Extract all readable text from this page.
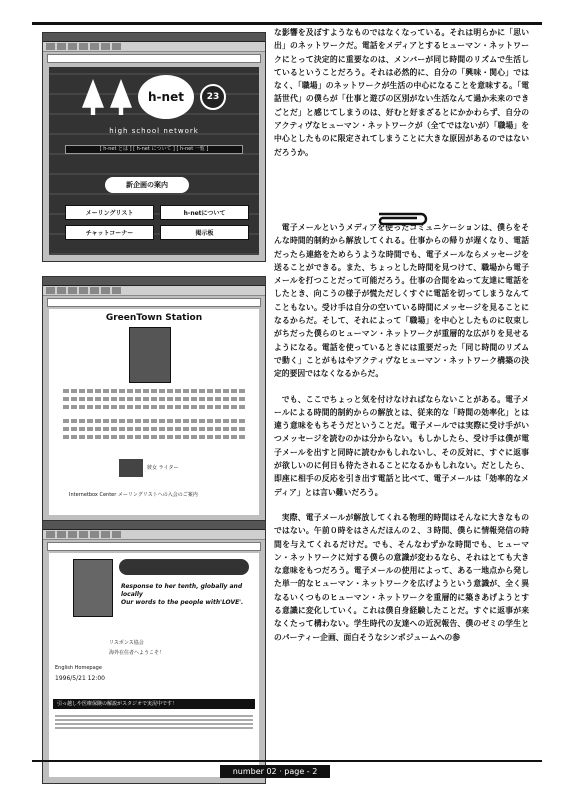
h-net	23
high school network
[ h-net とは ] [ h-net について ] [ h-net 一覧 ]
新企画の案内
メーリングリスト	h-netについて
チャットコーナー	掲示板
GreenTown Station
彼女 ライター
Internetbox Center メーリングリストへの入会のご案内
Response to her tenth, globally and locally
Our words to the people with'LOVE'.
リスポンス協会
海外在住者へようこそ！
English Homepage
1996/5/21 12:00
引っ越しや医療保険の解説がスタジオで実況中です！

な影響を及ぼすようなものではなくなっている。それは明らかに「思い出」のネットワークだ。電話をメディアとするヒューマン・ネットワークにとって決定的に重要なのは、メンバーが同じ時間のリズムで生活しているということだろう。それは必然的に、自分の「興味・関心」ではなく、「職場」のネットワークが生活の中心になることを意味する。「電話世代」の僕らが「仕事と遊びの区別がない生活なんて過か未来のできごとだ」と感じてしまうのは、好むと好まざるとにかかわらず、自分のアクティヴなヒューマン・ネットワークが（全てではないが）「職場」を中心としたものに限定されてしまうことに大きな原因があるのではないだろうか。

電子メールというメディアを使ったコミュニケーションは、僕らをそんな時間的制約から解放してくれる。仕事からの帰りが遅くなり、電話だったら連絡をためらうような時間でも、電子メールならメッセージを送ることができる。また、ちょっとした時間を見つけて、職場から電子メールを打つことだって可能だろう。仕事の合間をぬって友達に電話をしたとき、向こうの様子が慌ただしくすぐに電話を切ってしまうなんてこともない。受け手は自分の空いている時間にメッセージを見ることになるからだ。そして、それによって「職場」を中心としたものに収束しがちだった僕らのヒューマン・ネットワークが重層的な広がりを見せるようになる。電話を使っているときには重要だった「同じ時間のリズムで動く」ことがもはやアクティヴなヒューマン・ネットワーク構築の決定的要因ではなくなるからだ。

でも、ここでちょっと気を付けなければならないことがある。電子メールによる時間的制約からの解放とは、従来的な「時間の効率化」とは違う意味をもちそうだということだ。電子メールでは実際に受け手がいつメッセージを読むのかは分からない。もしかしたら、受け手は僕が電子メールを出すと同時に読むかもしれないし、その反対に、すぐに返事が欲しいのに何日も待たされることになるかもしれない。だとしたら、即座に相手の反応を引き出す電話と比べて、電子メールは「効率的なメディア」とは言い難いだろう。

実際、電子メールが解放してくれる物理的時間はそんなに大きなものではない。午前０時をはさんだほんの２、３時間、僕らに情報発信の時間を与えてくれるだけだ。でも、そんなわずかな時間でも、ヒューマン・ネットワークに対する僕らの意識が変わるなら、それはとても大きな意味をもつだろう。電子メールの使用によって、ある一地点から発した単一的なヒューマン・ネットワークを広げようという意識が、全く異なるいくつものヒューマン・ネットワークを重層的に築きあげようとする意識に変化していく。これは僕自身経験したことだ。すぐに返事が来なくたって構わない。学生時代の友達への近況報告、僕のゼミの学生とのパーティー企画、面白そうなシンポジュームへの参

number 02 · page - 2
